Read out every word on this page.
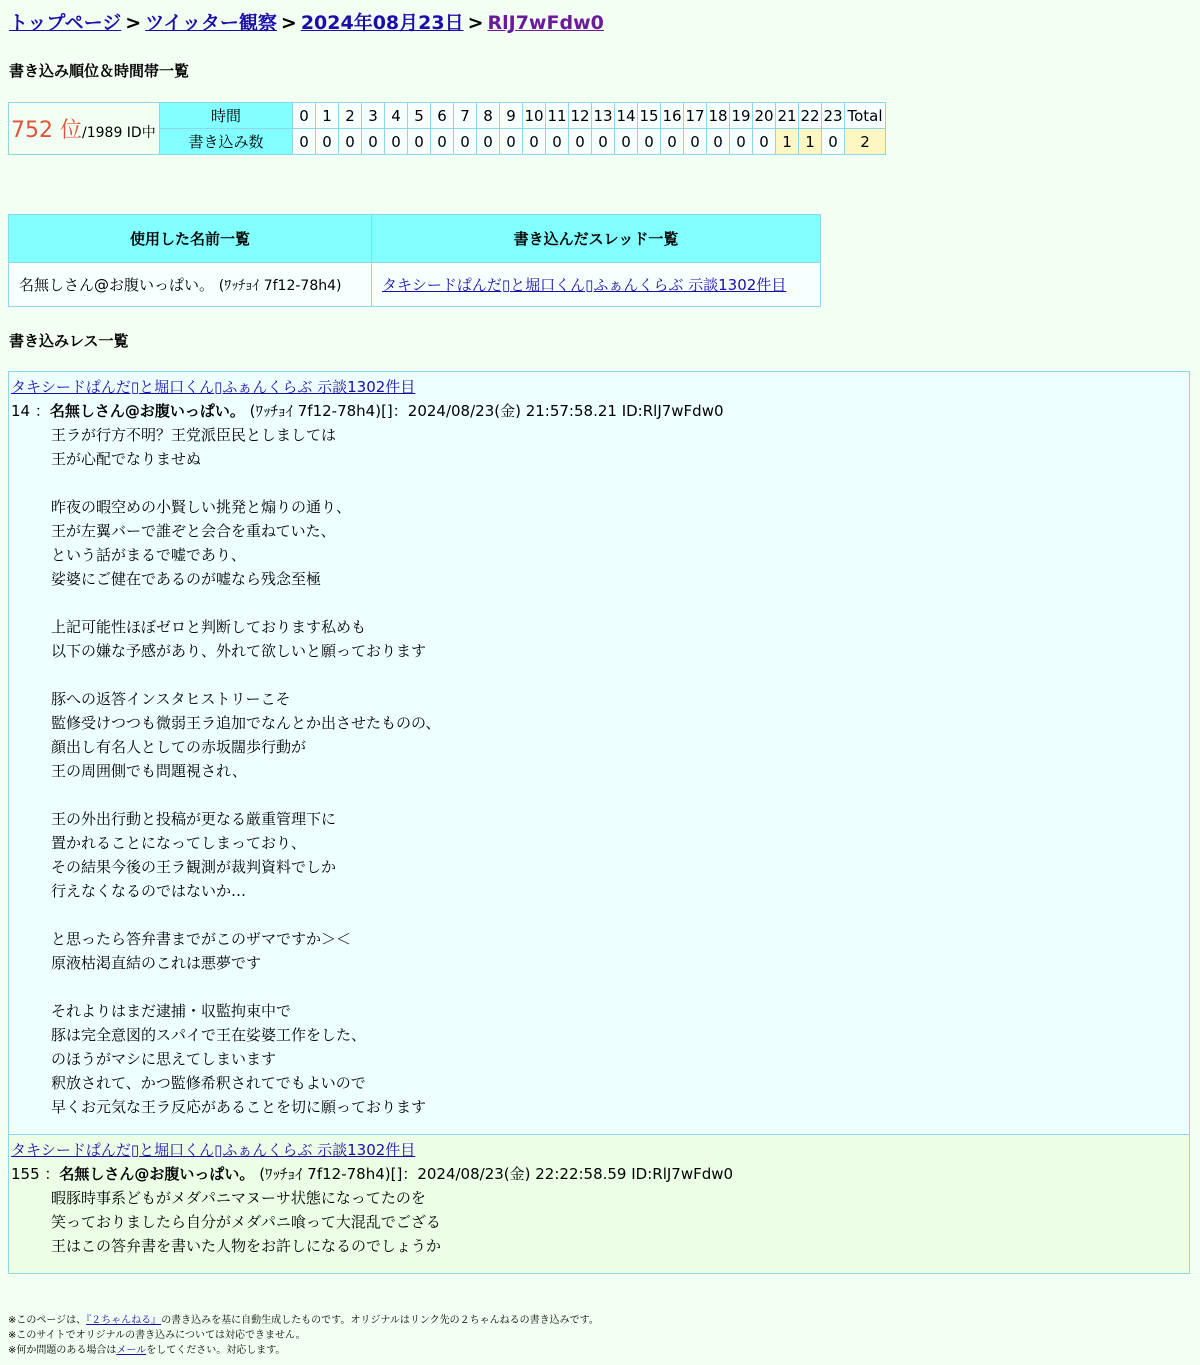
トップページ > ツイッター観察 > 2024年08月23日 > RlJ7wFdw0
書き込み順位＆時間帯一覧
752 位/1989 ID中	時間	0	1	2	3	4	5	6	7	8	9	10	11	12	13	14	15	16	17	18	19	20	21	22	23	Total
	書き込み数	0	0	0	0	0	0	0	0	0	0	0	0	0	0	0	0	0	0	0	0	0	1	1	0	2
使用した名前一覧	書き込んだスレッド一覧
名無しさん@お腹いっぱい。 (ﾜｯﾁｮｲ 7f12-78h4)	タキシードぱんだ▯と堀口くん▯ふぁんくらぶ 示談1302件目
書き込みレス一覧
タキシードぱんだ▯と堀口くん▯ふぁんくらぶ 示談1302件目
14 ：名無しさん@お腹いっぱい。 (ﾜｯﾁｮｲ 7f12-78h4)[]：2024/08/23(金) 21:57:58.21 ID:RlJ7wFdw0
王ラが行方不明？王党派臣民としましては
王が心配でなりませぬ

昨夜の暇空めの小賢しい挑発と煽りの通り、
王が左翼バーで誰ぞと会合を重ねていた、
という話がまるで嘘であり、
娑婆にご健在であるのが嘘なら残念至極

上記可能性ほぼゼロと判断しております私めも
以下の嫌な予感があり、外れて欲しいと願っております

豚への返答インスタヒストリーこそ
監修受けつつも微弱王ラ追加でなんとか出させたものの、
顔出し有名人としての赤坂闊歩行動が
王の周囲側でも問題視され、

王の外出行動と投稿が更なる厳重管理下に
置かれることになってしまっており、
その結果今後の王ラ観測が裁判資料でしか
行えなくなるのではないか…

と思ったら答弁書までがこのザマですか＞＜
原液枯渇直結のこれは悪夢です

それよりはまだ逮捕・収監拘束中で
豚は完全意図的スパイで王在娑婆工作をした、
のほうがマシに思えてしまいます
釈放されて、かつ監修希釈されてでもよいので
早くお元気な王ラ反応があることを切に願っております
タキシードぱんだ▯と堀口くん▯ふぁんくらぶ 示談1302件目
155 ：名無しさん@お腹いっぱい。 (ﾜｯﾁｮｲ 7f12-78h4)[]：2024/08/23(金) 22:22:58.59 ID:RlJ7wFdw0
暇豚時事系どもがメダパニマヌーサ状態になってたのを
笑っておりましたら自分がメダパニ喰って大混乱でござる
王はこの答弁書を書いた人物をお許しになるのでしょうか
※このページは、『２ちゃんねる』の書き込みを基に自動生成したものです。オリジナルはリンク先の２ちゃんねるの書き込みです。
※このサイトでオリジナルの書き込みについては対応できません。
※何か問題のある場合はメールをしてください。対応します。
